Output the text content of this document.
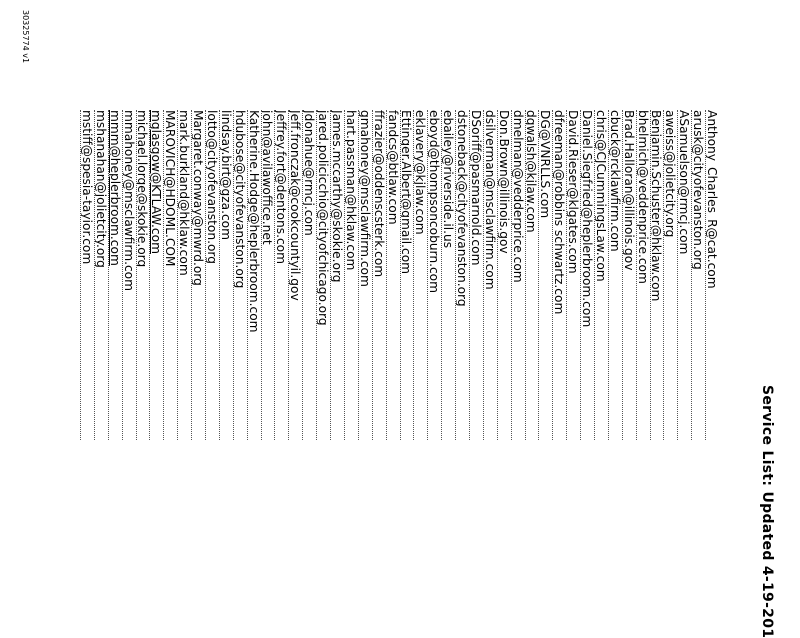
Service List: Updated 4-19-201
Anthony_Charles_R@cat.com
arusk@cityofevanston.org
ASamuelson@rmcj.com
aweiss@jolietcity.org
Benjamin.Schuster@hklaw.com
bhelmich@veddenprice.com
Brad.Halloran@illinois.gov
cbuck@rcklawfirm.com
chris@CJCummingsLaw.com
Daniel.Siegfried@heplerbroom.com
David.Rieser@klgates.com
dfreeman@robbins schwartz.com
DG@VNRLLS.com
dgwalsh@kjlaw.com
dmelman@vedderprice.com
Don.Brown@illinois.gov
dsilverman@msclawfirm.com
DSoriff@pasmarnold.com
dstoneback@cityofevanston.org
ebailey@riverside.il.us
eboyd@thompsoncoburn.com
eklavery@kjlaw.com
Ettinger.Albert@gmail.com
fandcs@btlaw.com
ffrazier@oddenscsterk.com
gmahoney@msclawfirm.com
hart.passman@hklaw.com
James.mccarthy@skokie.org
jared.policicchio@cityofchicago.org
Jdonahue@rmcj.com
Jeff.fronczak@cookcountyil.gov
Jeffrey.fort@dentons.com
john@avilawoffice.net
Katherine.Hodge@heplerbroom.com
hdubose@cityofevanston.org
lindsay.birt@gza.com
lotto@cityofevanston.org
Margaret.conway@mwrd.org
mark.burkland@hklaw.com
MAROVICH@HDOML.COM
mglasgow@KTLAW.com
michael.lorge@skokie.org
mmahoney@msclawfirm.com
mmm@heplerbroom.com
mshanahan@jolietcity.org
mstiff@spesia-tayior.com
30325774 v1
